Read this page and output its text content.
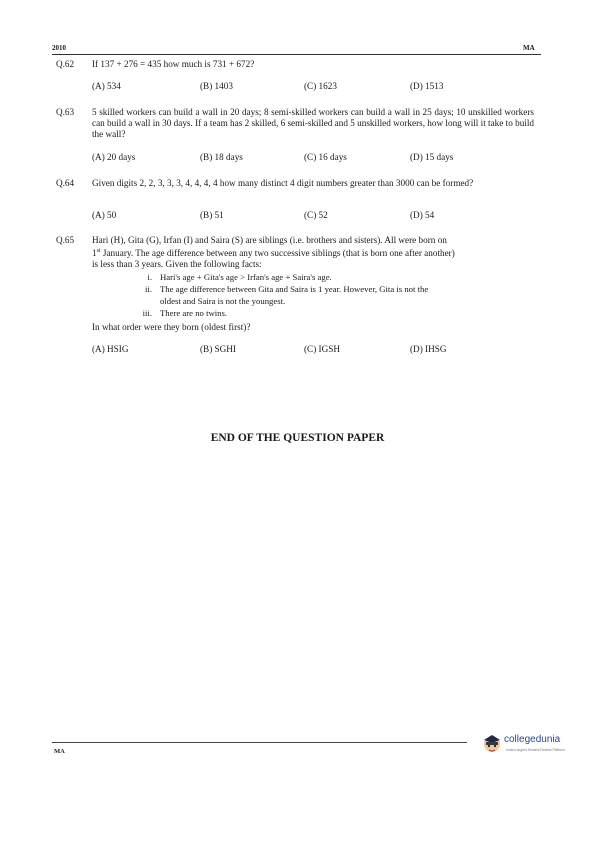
2010	MA
Q.62 If 137 + 276 = 435 how much is 731 + 672?
(A) 534	(B) 1403	(C) 1623	(D) 1513
Q.63 5 skilled workers can build a wall in 20 days; 8 semi-skilled workers can build a wall in 25 days; 10 unskilled workers can build a wall in 30 days. If a team has 2 skilled, 6 semi-skilled and 5 unskilled workers, how long will it take to build the wall?
(A) 20 days	(B) 18 days	(C) 16 days	(D) 15 days
Q.64 Given digits 2, 2, 3, 3, 3, 4, 4, 4, 4 how many distinct 4 digit numbers greater than 3000 can be formed?
(A) 50	(B) 51	(C) 52	(D) 54
Q.65 Hari (H), Gita (G), Irfan (I) and Saira (S) are siblings (i.e. brothers and sisters). All were born on
1st January. The age difference between any two successive siblings (that is born one after another)
is less than 3 years. Given the following facts:
i. Hari's age + Gita's age > Irfan's age + Saira's age.
ii. The age difference between Gita and Saira is 1 year. However, Gita is not the
oldest and Saira is not the youngest.
iii. There are no twins.
In what order were they born (oldest first)?
(A) HSIG	(B) SGHI	(C) IGSH	(D) IHSG
END OF THE QUESTION PAPER
MA
collegedunia
India's largest Student Review Platform
